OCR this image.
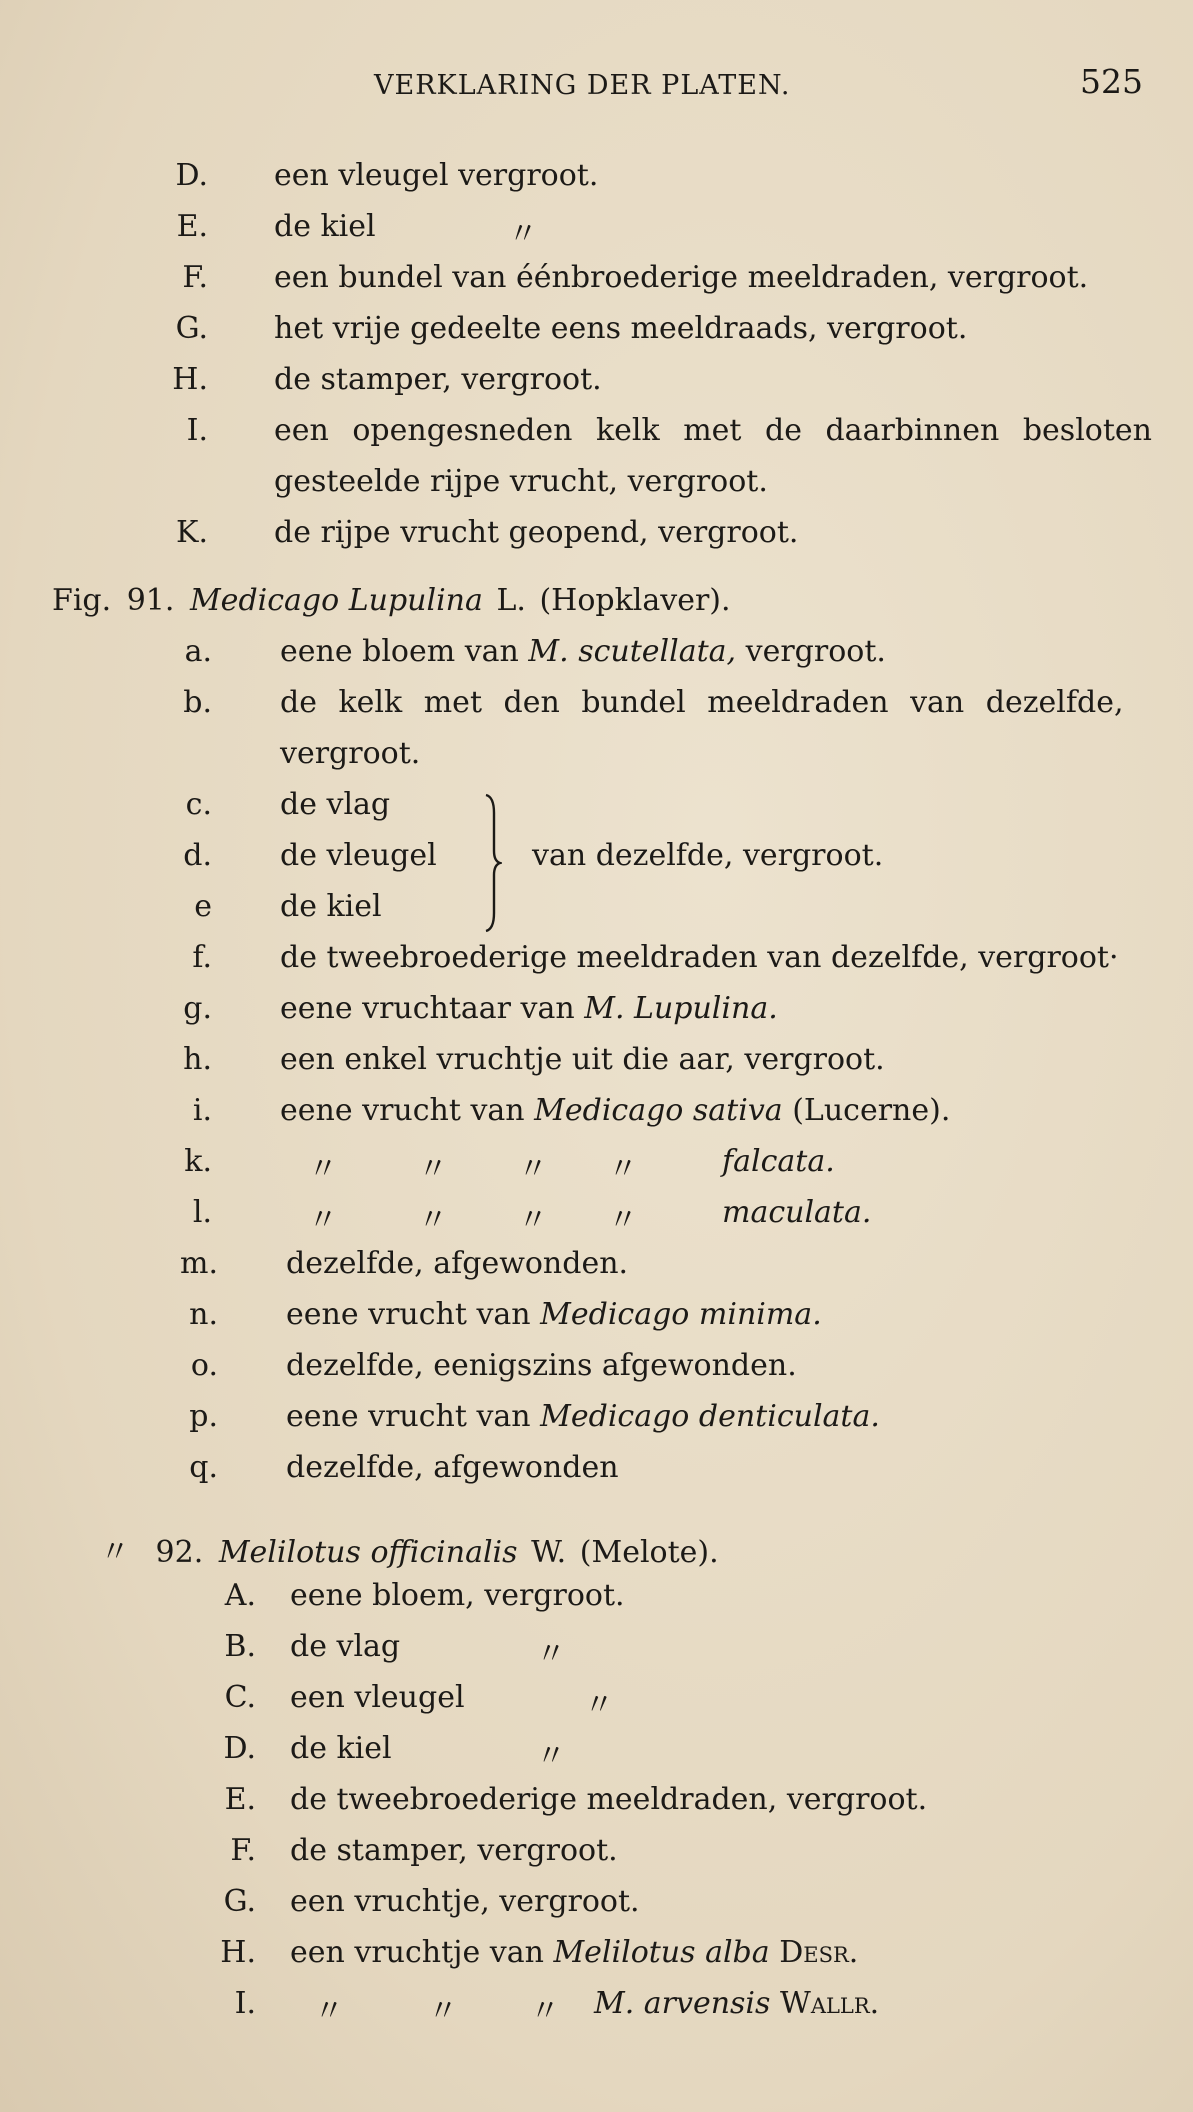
VERKLARING DER PLATEN.	525
D. een vleugel vergroot.
E. de kiel	〃
F. een bundel van éénbroederige meeldraden, vergroot.
G. het vrije gedeelte eens meeldraads, vergroot.
H. de stamper, vergroot.
I. een opengesneden kelk met de daarbinnen besloten
gesteelde rijpe vrucht, vergroot.
K. de rijpe vrucht geopend, vergroot.
Fig. 91. Medicago Lupulina L. (Hopklaver).
a. eene bloem van M. scutellata, vergroot.
b. de kelk met den bundel meeldraden van dezelfde,
vergroot.
c. de vlag
d. de vleugel
e de kiel
van dezelfde, vergroot.
f. de tweebroederige meeldraden van dezelfde, vergroot·
g. eene vruchtaar van M. Lupulina.
h. een enkel vruchtje uit die aar, vergroot.
i. eene vrucht van Medicago sativa (Lucerne).
k.	〃	〃 〃 〃	falcata.
l.	〃	〃 〃 〃	maculata.
m. dezelfde, afgewonden.
n. eene vrucht van Medicago minima.
o. dezelfde, eenigszins afgewonden.
p. eene vrucht van Medicago denticulata.
q. dezelfde, afgewonden
〃 92. Melilotus officinalis W. (Melote).
A. eene bloem, vergroot.
B. de vlag	〃
C. een vleugel	〃
D. de kiel	〃
E. de tweebroederige meeldraden, vergroot.
F. de stamper, vergroot.
G. een vruchtje, vergroot.
H. een vruchtje van Melilotus alba Desr.
I. 〃	〃 〃 M. arvensis Wallr.
